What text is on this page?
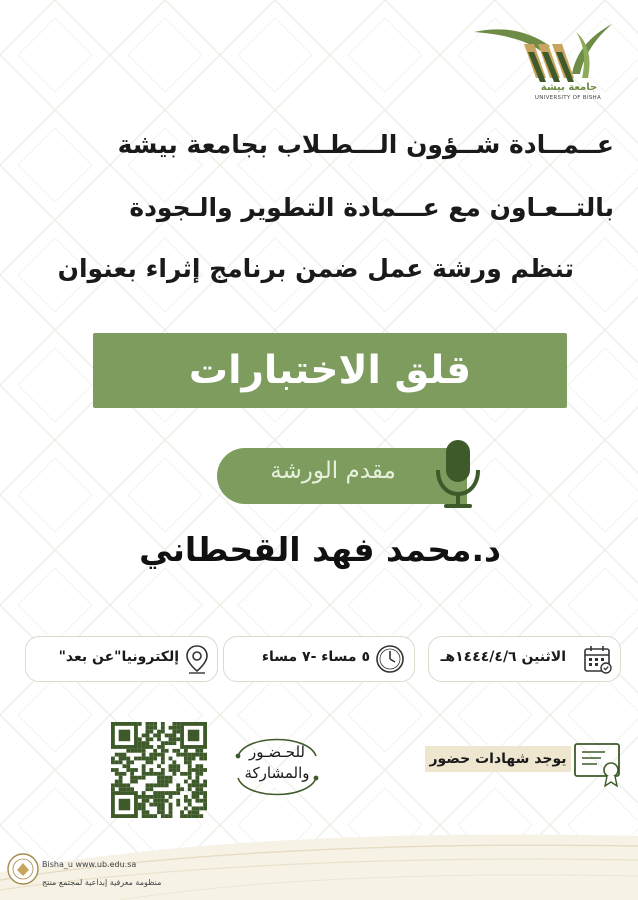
جامعة بيشة
UNIVERSITY OF BISHA
عــمــادة شــؤون الـــطـلاب بجامعة بيشة
بالتــعـاون مع عـــمادة التطوير والـجودة
تنظم ورشة عمل ضمن برنامج إثراء بعنوان
قلق الاختبارات
مقدم الورشة
د.محمد فهد القحطاني
الاثنين ١٤٤٤/٤/٦هـ
٥ مساء -٧ مساء
إلكترونيا"عن بعد"
للحـضـور
والمشاركة
يوجد شهادات حضور
Bisha_u www.ub.edu.sa
منظومة معرفية إبداعية لمجتمع منتج
